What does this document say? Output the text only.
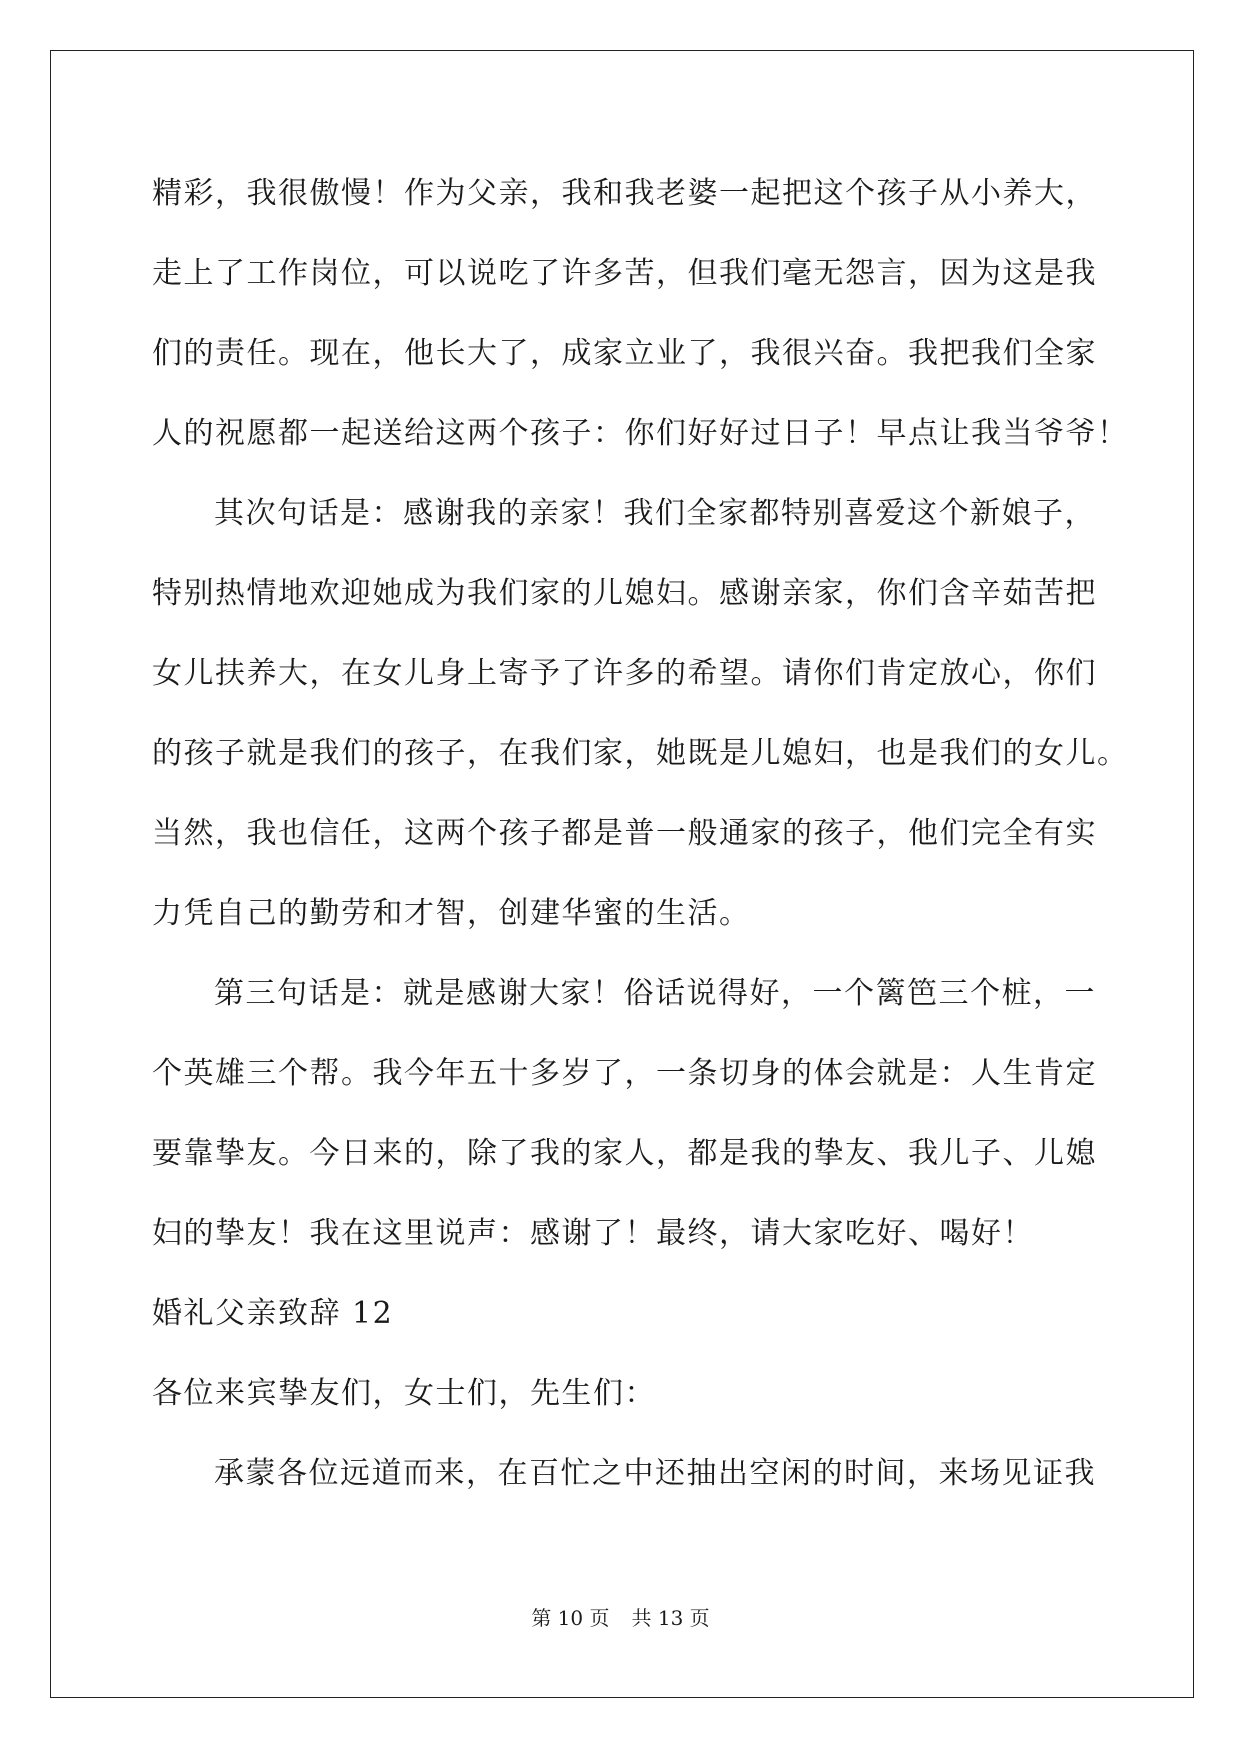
精彩，我很傲慢！作为父亲，我和我老婆一起把这个孩子从小养大，
走上了工作岗位，可以说吃了许多苦，但我们毫无怨言，因为这是我
们的责任。现在，他长大了，成家立业了，我很兴奋。我把我们全家
人的祝愿都一起送给这两个孩子：你们好好过日子！早点让我当爷爷！
其次句话是：感谢我的亲家！我们全家都特别喜爱这个新娘子，
特别热情地欢迎她成为我们家的儿媳妇。感谢亲家，你们含辛茹苦把
女儿扶养大，在女儿身上寄予了许多的希望。请你们肯定放心，你们
的孩子就是我们的孩子，在我们家，她既是儿媳妇，也是我们的女儿。
当然，我也信任，这两个孩子都是普一般通家的孩子，他们完全有实
力凭自己的勤劳和才智，创建华蜜的生活。
第三句话是：就是感谢大家！俗话说得好，一个篱笆三个桩，一
个英雄三个帮。我今年五十多岁了，一条切身的体会就是：人生肯定
要靠挚友。今日来的，除了我的家人，都是我的挚友、我儿子、儿媳
妇的挚友！我在这里说声：感谢了！最终，请大家吃好、喝好！
婚礼父亲致辞 12
各位来宾挚友们，女士们，先生们：
承蒙各位远道而来，在百忙之中还抽出空闲的时间，来场见证我
第 10 页 共 13 页
